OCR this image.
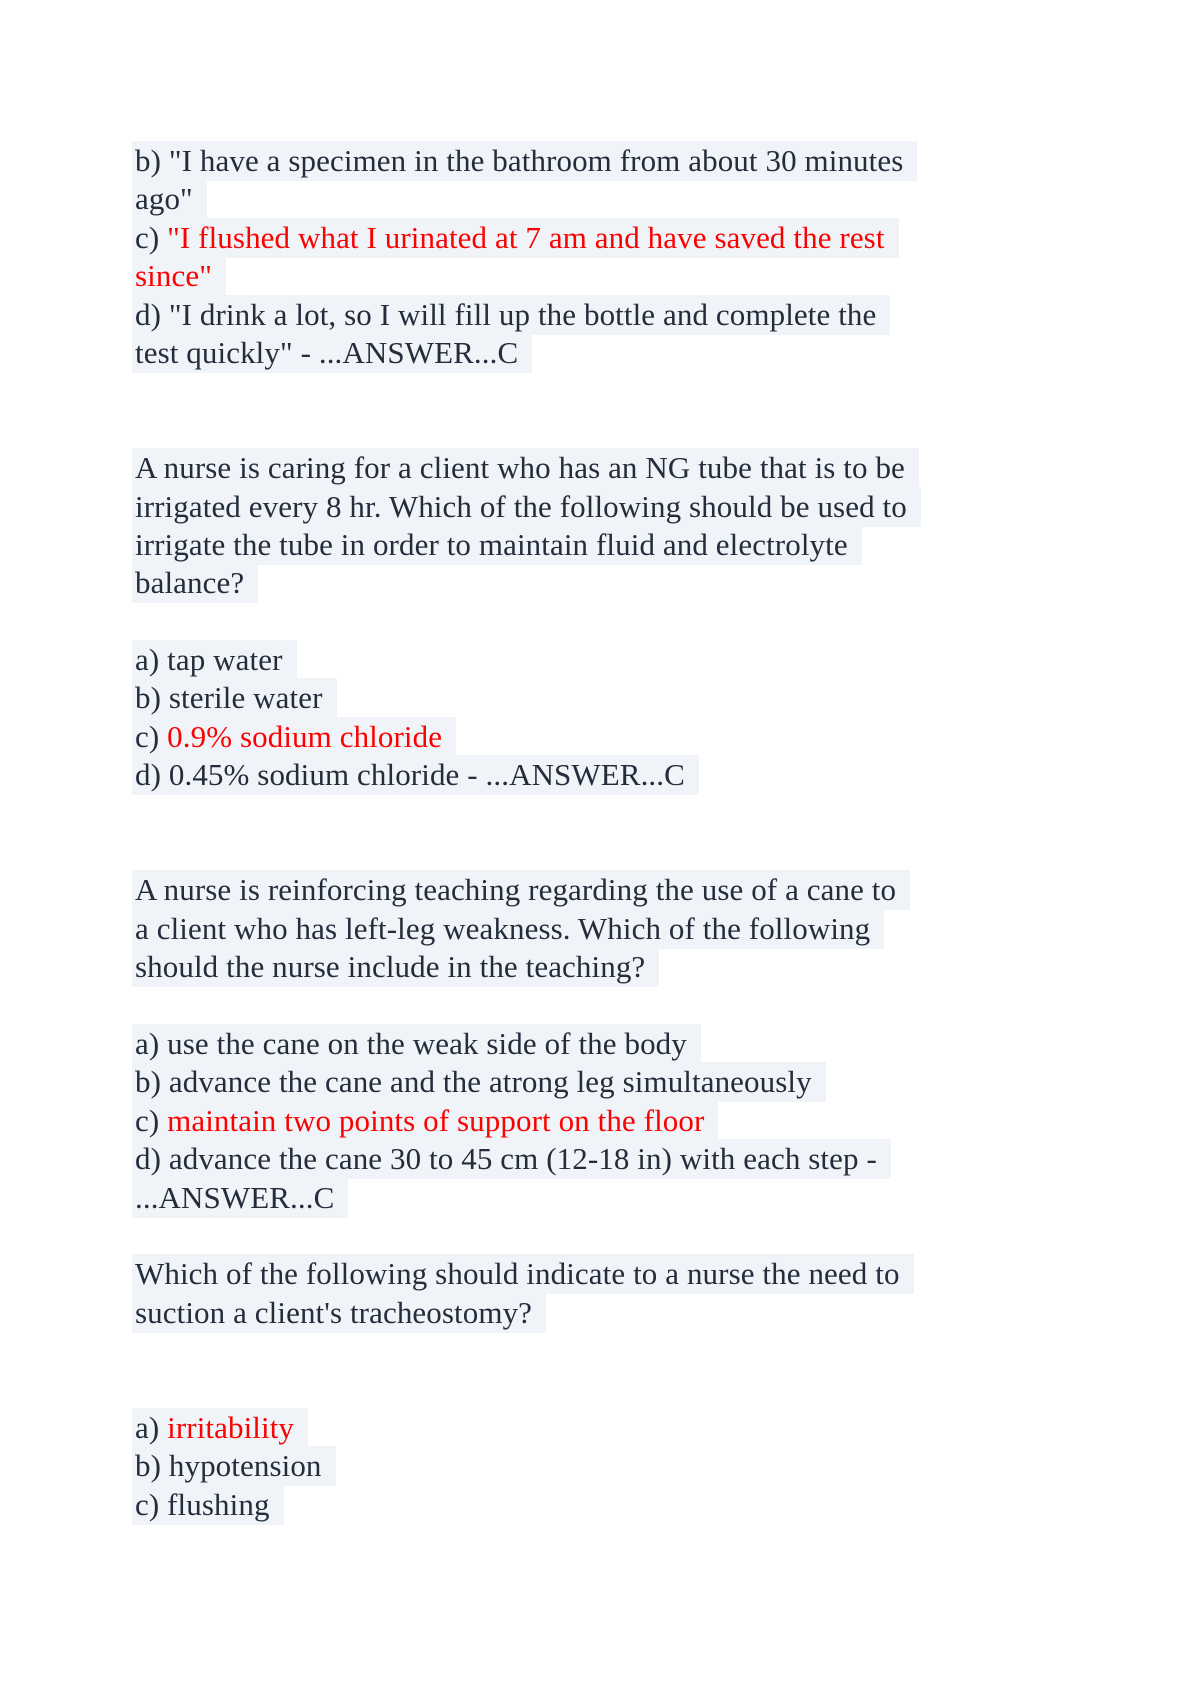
b) "I have a specimen in the bathroom from about 30 minutes
ago"
c) "I flushed what I urinated at 7 am and have saved the rest
since"
d) "I drink a lot, so I will fill up the bottle and complete the
test quickly" - ...ANSWER...C
A nurse is caring for a client who has an NG tube that is to be
irrigated every 8 hr. Which of the following should be used to
irrigate the tube in order to maintain fluid and electrolyte
balance?
a) tap water
b) sterile water
c) 0.9% sodium chloride
d) 0.45% sodium chloride - ...ANSWER...C
A nurse is reinforcing teaching regarding the use of a cane to
a client who has left-leg weakness. Which of the following
should the nurse include in the teaching?
a) use the cane on the weak side of the body
b) advance the cane and the atrong leg simultaneously
c) maintain two points of support on the floor
d) advance the cane 30 to 45 cm (12-18 in) with each step -
...ANSWER...C
Which of the following should indicate to a nurse the need to
suction a client's tracheostomy?
a) irritability
b) hypotension
c) flushing
